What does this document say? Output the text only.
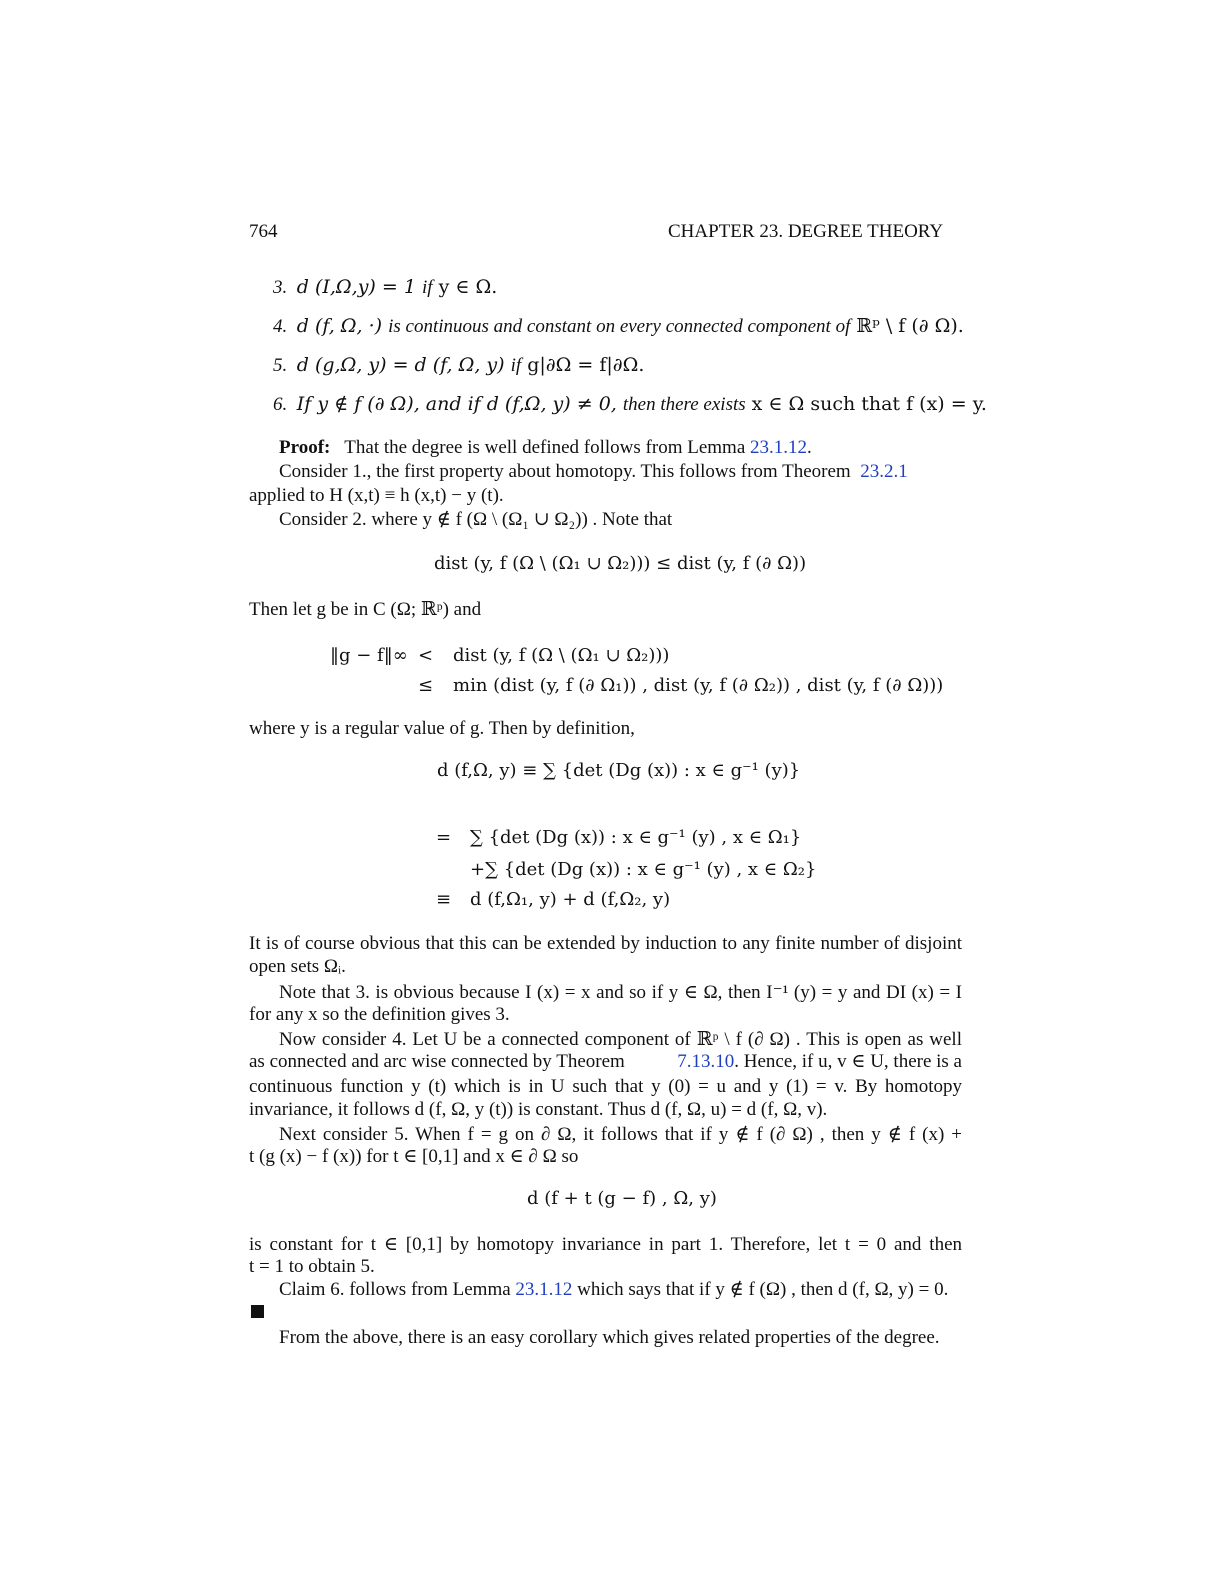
764	CHAPTER 23. DEGREE THEORY
3. d (I,Ω,y) = 1 if y ∈ Ω.
4. d (f, Ω, ·) is continuous and constant on every connected component of ℝᵖ \ f (∂ Ω).
5. d (g,Ω, y) = d (f, Ω, y) if g|∂Ω = f|∂Ω.
6. If y ∉ f (∂ Ω), and if d (f,Ω, y) ≠ 0, then there exists x ∈ Ω such that f (x) = y.
Proof: That the degree is well defined follows from Lemma 23.1.12.
Consider 1., the first property about homotopy. This follows from Theorem 23.2.1
applied to H (x,t) ≡ h (x,t) − y (t).
Consider 2. where y ∉ f (Ω \ (Ω₁ ∪ Ω₂)) . Note that
dist (y, f (Ω \ (Ω₁ ∪ Ω₂))) ≤ dist (y, f (∂ Ω))
Then let g be in C (Ω; ℝᵖ) and
‖g − f‖∞ < dist (y, f (Ω \ (Ω₁ ∪ Ω₂)))
≤ min (dist (y, f (∂ Ω₁)) , dist (y, f (∂ Ω₂)) , dist (y, f (∂ Ω)))
where y is a regular value of g. Then by definition,
d (f,Ω, y) ≡ ∑ {det (Dg (x)) : x ∈ g⁻¹ (y)}
= ∑ {det (Dg (x)) : x ∈ g⁻¹ (y) , x ∈ Ω₁}
+∑ {det (Dg (x)) : x ∈ g⁻¹ (y) , x ∈ Ω₂}
≡ d (f,Ω₁, y) + d (f,Ω₂, y)
It is of course obvious that this can be extended by induction to any finite number of disjoint
open sets Ωᵢ.
Note that 3. is obvious because I (x) = x and so if y ∈ Ω, then I⁻¹ (y) = y and DI (x) = I
for any x so the definition gives 3.
Now consider 4. Let U be a connected component of ℝᵖ \ f (∂ Ω) . This is open as well
as connected and arc wise connected by Theorem	7.13.10. Hence, if u, v ∈ U, there is a
continuous function y (t) which is in U such that y (0) = u and y (1) = v. By homotopy
invariance, it follows d (f, Ω, y (t)) is constant. Thus d (f, Ω, u) = d (f, Ω, v).
Next consider 5. When f = g on ∂ Ω, it follows that if y ∉ f (∂ Ω) , then y ∉ f (x) +
t (g (x) − f (x)) for t ∈ [0,1] and x ∈ ∂ Ω so
d (f + t (g − f) , Ω, y)
is constant for t ∈ [0,1] by homotopy invariance in part 1. Therefore, let t = 0 and then
t = 1 to obtain 5.
Claim 6. follows from Lemma 23.1.12 which says that if y ∉ f (Ω) , then d (f, Ω, y) = 0.
From the above, there is an easy corollary which gives related properties of the degree.
